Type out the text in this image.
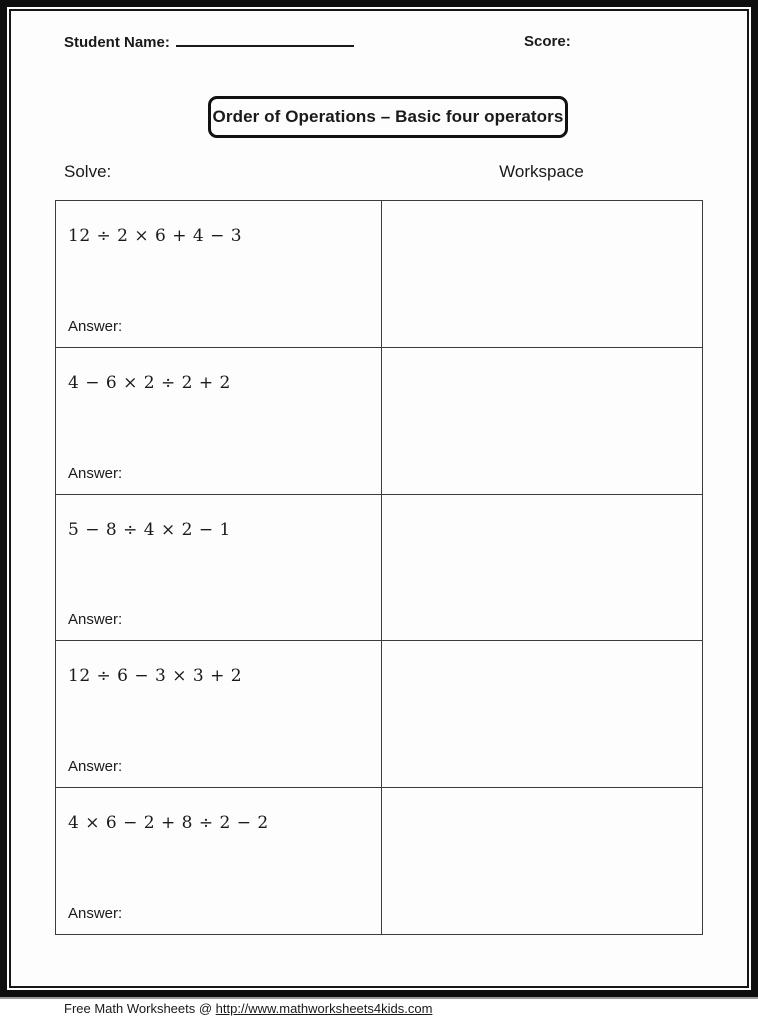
Student Name:	Score:
Order of Operations – Basic four operators
Solve:	Workspace
12 ÷ 2 × 6 + 4 − 3
Answer:
4 − 6 × 2 ÷ 2 + 2
Answer:
5 − 8 ÷ 4 × 2 − 1
Answer:
12 ÷ 6 − 3 × 3 + 2
Answer:
4 × 6 − 2 + 8 ÷ 2 − 2
Answer:
Free Math Worksheets @ http://www.mathworksheets4kids.com
